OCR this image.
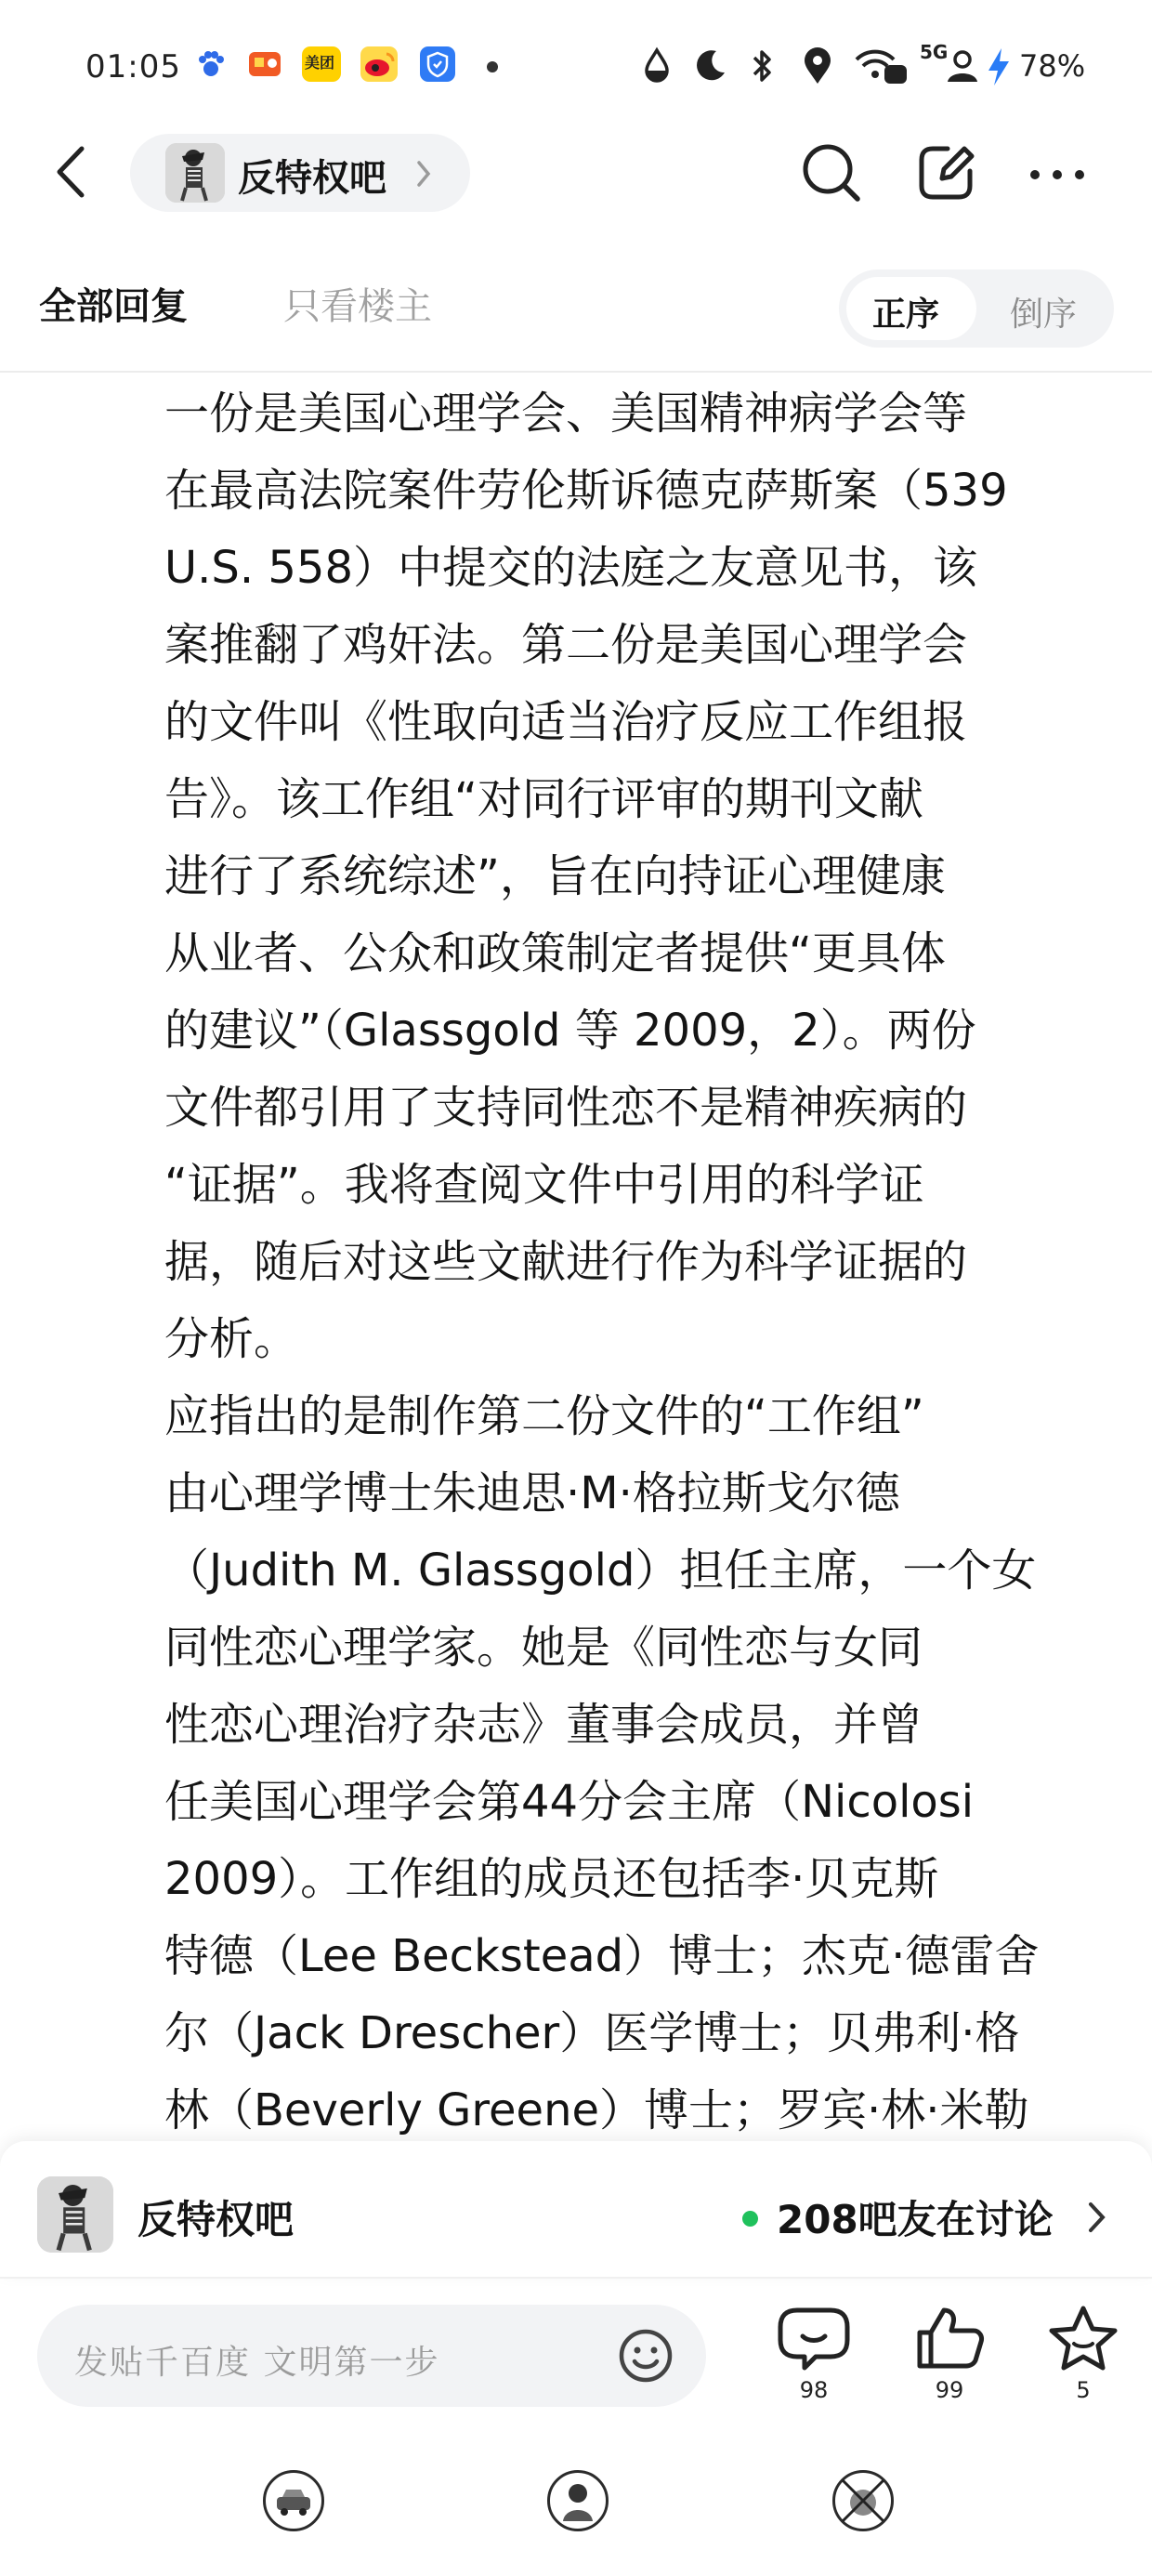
01:05	美团	5G 78%
反特权吧
全部回复	只看楼主	正序 倒序
一份是美国心理学会、美国精神病学会等
在最高法院案件劳伦斯诉德克萨斯案（539
U.S. 558）中提交的法庭之友意见书，该
案推翻了鸡奸法。第二份是美国心理学会
的文件叫《性取向适当治疗反应工作组报
告》。该工作组“对同行评审的期刊文献
进行了系统综述”，旨在向持证心理健康
从业者、公众和政策制定者提供“更具体
的建议”（Glassgold 等 2009，2）。两份
文件都引用了支持同性恋不是精神疾病的
“证据”。我将查阅文件中引用的科学证
据，随后对这些文献进行作为科学证据的
分析。
应指出的是制作第二份文件的“工作组”
由心理学博士朱迪思·M·格拉斯戈尔德
（Judith M. Glassgold）担任主席，一个女
同性恋心理学家。她是《同性恋与女同
性恋心理治疗杂志》董事会成员，并曾
任美国心理学会第44分会主席（Nicolosi
2009）。工作组的成员还包括李·贝克斯
特德（Lee Beckstead）博士；杰克·德雷舍
尔（Jack Drescher）医学博士；贝弗利·格
林（Beverly Greene）博士；罗宾·林·米勒
反特权吧	208吧友在讨论
发贴千百度 文明第一步
98	99	5
